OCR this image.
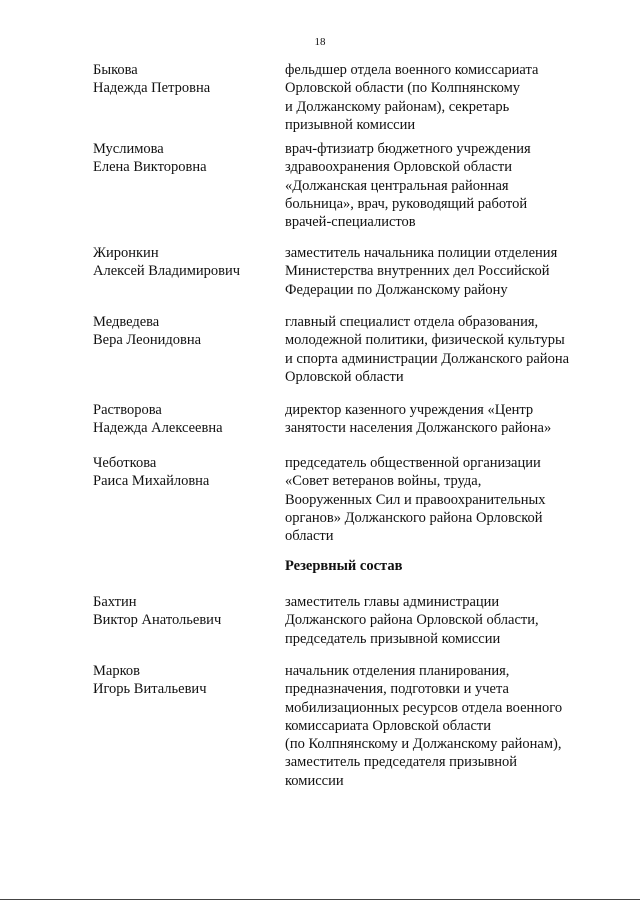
18
Быкова
Надежда Петровна
фельдшер отдела военного комиссариата
Орловской области (по Колпнянскому
и Должанскому районам), секретарь
призывной комиссии
Муслимова
Елена Викторовна
врач-фтизиатр бюджетного учреждения
здравоохранения Орловской области
«Должанская центральная районная
больница», врач, руководящий работой
врачей-специалистов
Жиронкин
Алексей Владимирович
заместитель начальника полиции отделения
Министерства внутренних дел Российской
Федерации по Должанскому району
Медведева
Вера Леонидовна
главный специалист отдела образования,
молодежной политики, физической культуры
и спорта администрации Должанского района
Орловской области
Растворова
Надежда Алексеевна
директор казенного учреждения «Центр
занятости населения Должанского района»
Чеботкова
Раиса Михайловна
председатель общественной организации
«Совет ветеранов войны, труда,
Вооруженных Сил и правоохранительных
органов» Должанского района Орловской
области
Резервный состав
Бахтин
Виктор Анатольевич
заместитель главы администрации
Должанского района Орловской области,
председатель призывной комиссии
Марков
Игорь Витальевич
начальник отделения планирования,
предназначения, подготовки и учета
мобилизационных ресурсов отдела военного
комиссариата Орловской области
(по Колпнянскому и Должанскому районам),
заместитель председателя призывной
комиссии
